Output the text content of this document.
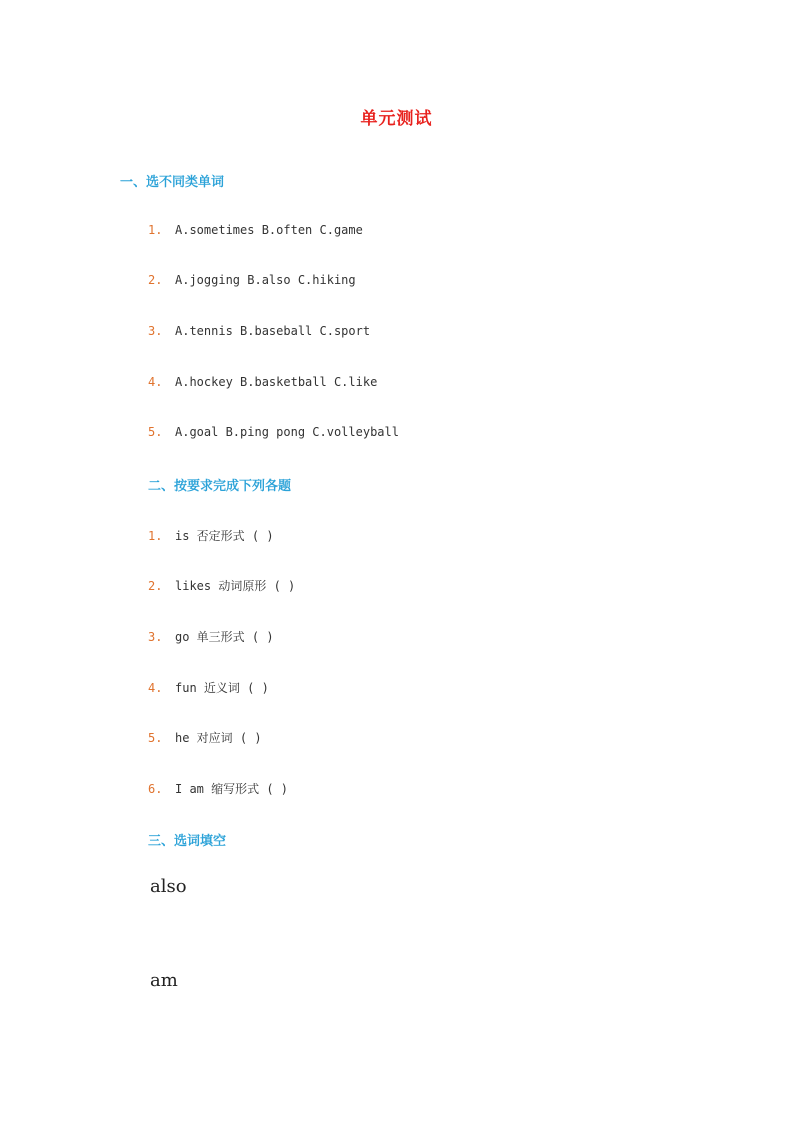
单元测试
一、选不同类单词
1. A.sometimes B.often C.game
2. A.jogging B.also C.hiking
3. A.tennis B.baseball C.sport
4. A.hockey B.basketball C.like
5. A.goal B.ping pong C.volleyball
二、按要求完成下列各题
1. is 否定形式 ( )
2. likes 动词原形 ( )
3. go 单三形式 ( )
4. fun 近义词 ( )
5. he 对应词 ( )
6. I am 缩写形式 ( )
三、选词填空
also
am
